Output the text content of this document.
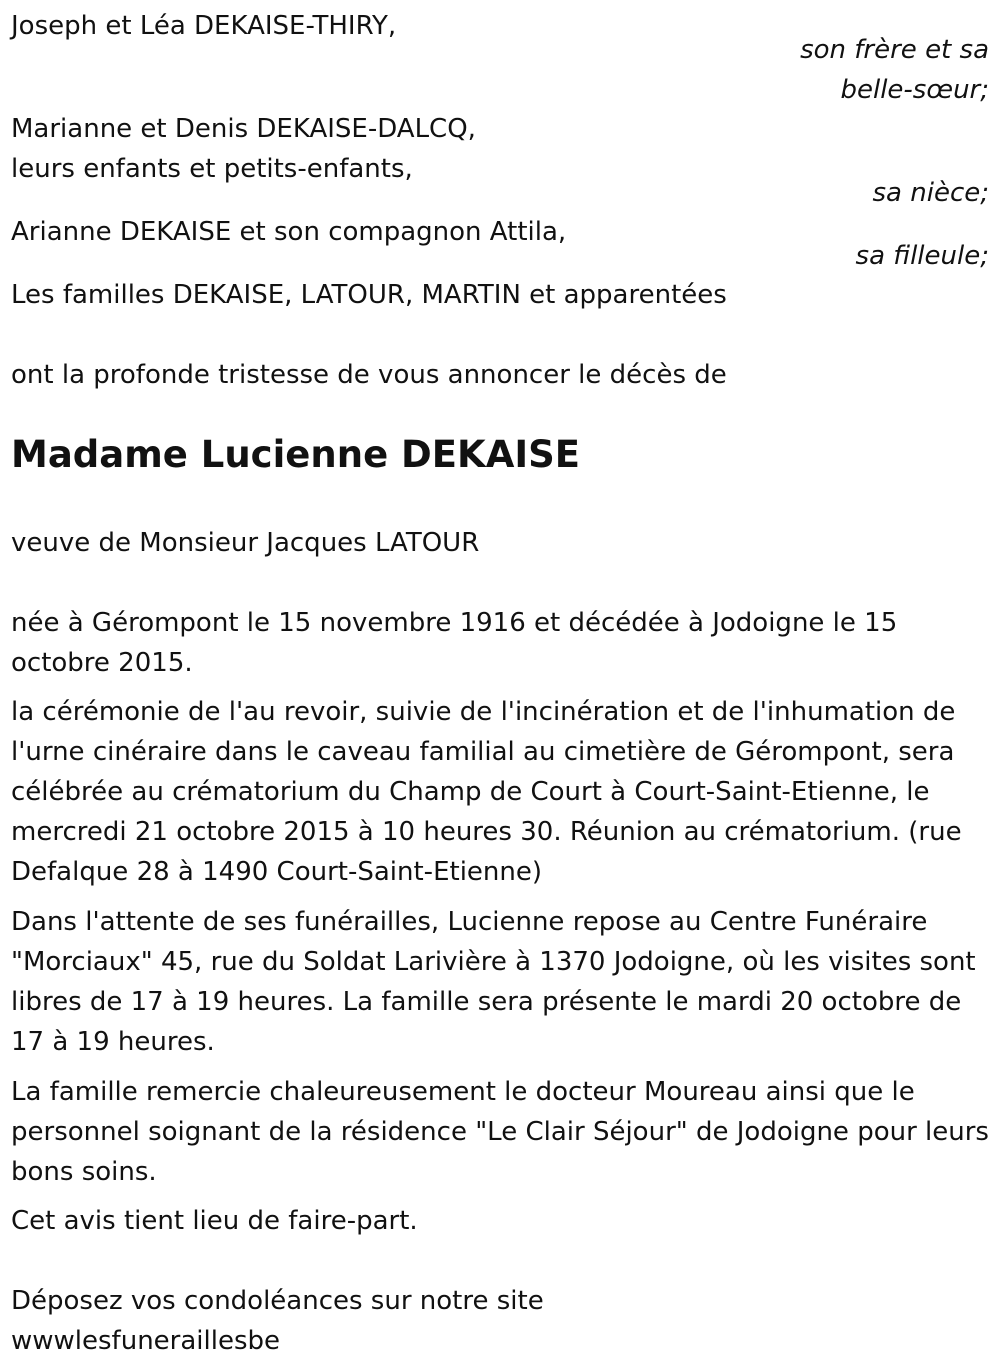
Joseph et Léa DEKAISE-THIRY,
son frère et sa
belle-sœur;
Marianne et Denis DEKAISE-DALCQ,
leurs enfants et petits-enfants,
sa nièce;
Arianne DEKAISE et son compagnon Attila,
sa filleule;
Les familles DEKAISE, LATOUR, MARTIN et apparentées
ont la profonde tristesse de vous annoncer le décès de
Madame Lucienne DEKAISE
veuve de Monsieur Jacques LATOUR
née à Gérompont le 15 novembre 1916 et décédée à Jodoigne le 15 octobre 2015.
la cérémonie de l'au revoir, suivie de l'incinération et de l'inhumation de l'urne cinéraire dans le caveau familial au cimetière de Gérompont, sera célébrée au crématorium du Champ de Court à Court-Saint-Etienne, le mercredi 21 octobre 2015 à 10 heures 30. Réunion au crématorium. (rue Defalque 28 à 1490 Court-Saint-Etienne)
Dans l'attente de ses funérailles, Lucienne repose au Centre Funéraire "Morciaux" 45, rue du Soldat Larivière à 1370 Jodoigne, où les visites sont libres de 17 à 19 heures. La famille sera présente le mardi 20 octobre de 17 à 19 heures.
La famille remercie chaleureusement le docteur Moureau ainsi que le personnel soignant de la résidence "Le Clair Séjour" de Jodoigne pour leurs bons soins.
Cet avis tient lieu de faire-part.
Déposez vos condoléances sur notre site
wwwlesfuneraillesbe
